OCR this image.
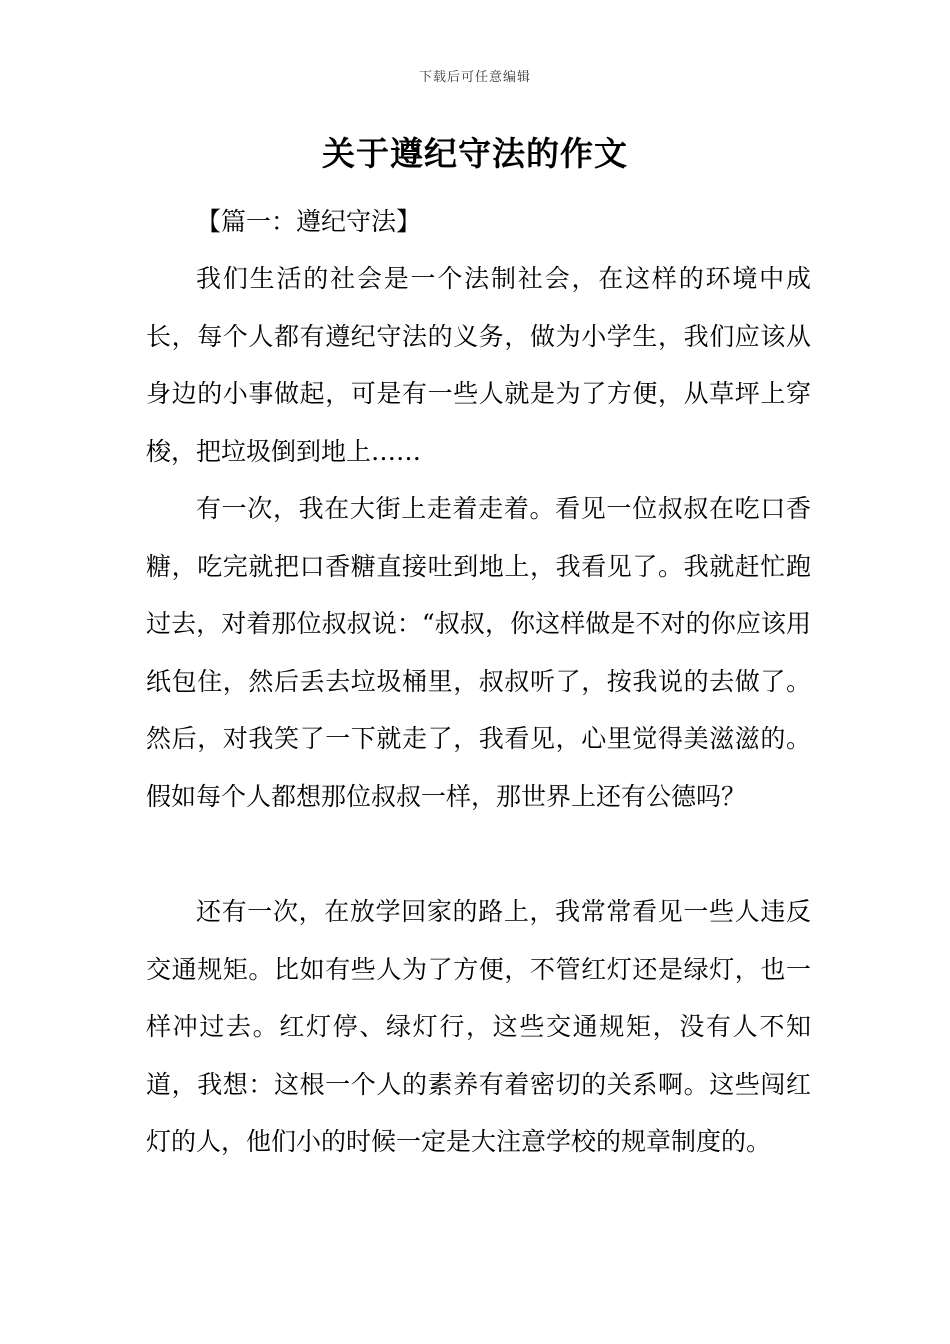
下载后可任意编辑
关于遵纪守法的作文
【篇一：遵纪守法】

我们生活的社会是一个法制社会，在这样的环境中成长，每个人都有遵纪守法的义务，做为小学生，我们应该从身边的小事做起，可是有一些人就是为了方便，从草坪上穿梭，把垃圾倒到地上……

有一次，我在大街上走着走着。看见一位叔叔在吃口香糖，吃完就把口香糖直接吐到地上，我看见了。我就赶忙跑过去，对着那位叔叔说：“叔叔，你这样做是不对的你应该用纸包住，然后丢去垃圾桶里，叔叔听了，按我说的去做了。然后，对我笑了一下就走了，我看见，心里觉得美滋滋的。假如每个人都想那位叔叔一样，那世界上还有公德吗？

还有一次，在放学回家的路上，我常常看见一些人违反交通规矩。比如有些人为了方便，不管红灯还是绿灯，也一样冲过去。红灯停、绿灯行，这些交通规矩，没有人不知道，我想：这根一个人的素养有着密切的关系啊。这些闯红灯的人，他们小的时候一定是大注意学校的规章制度的。
